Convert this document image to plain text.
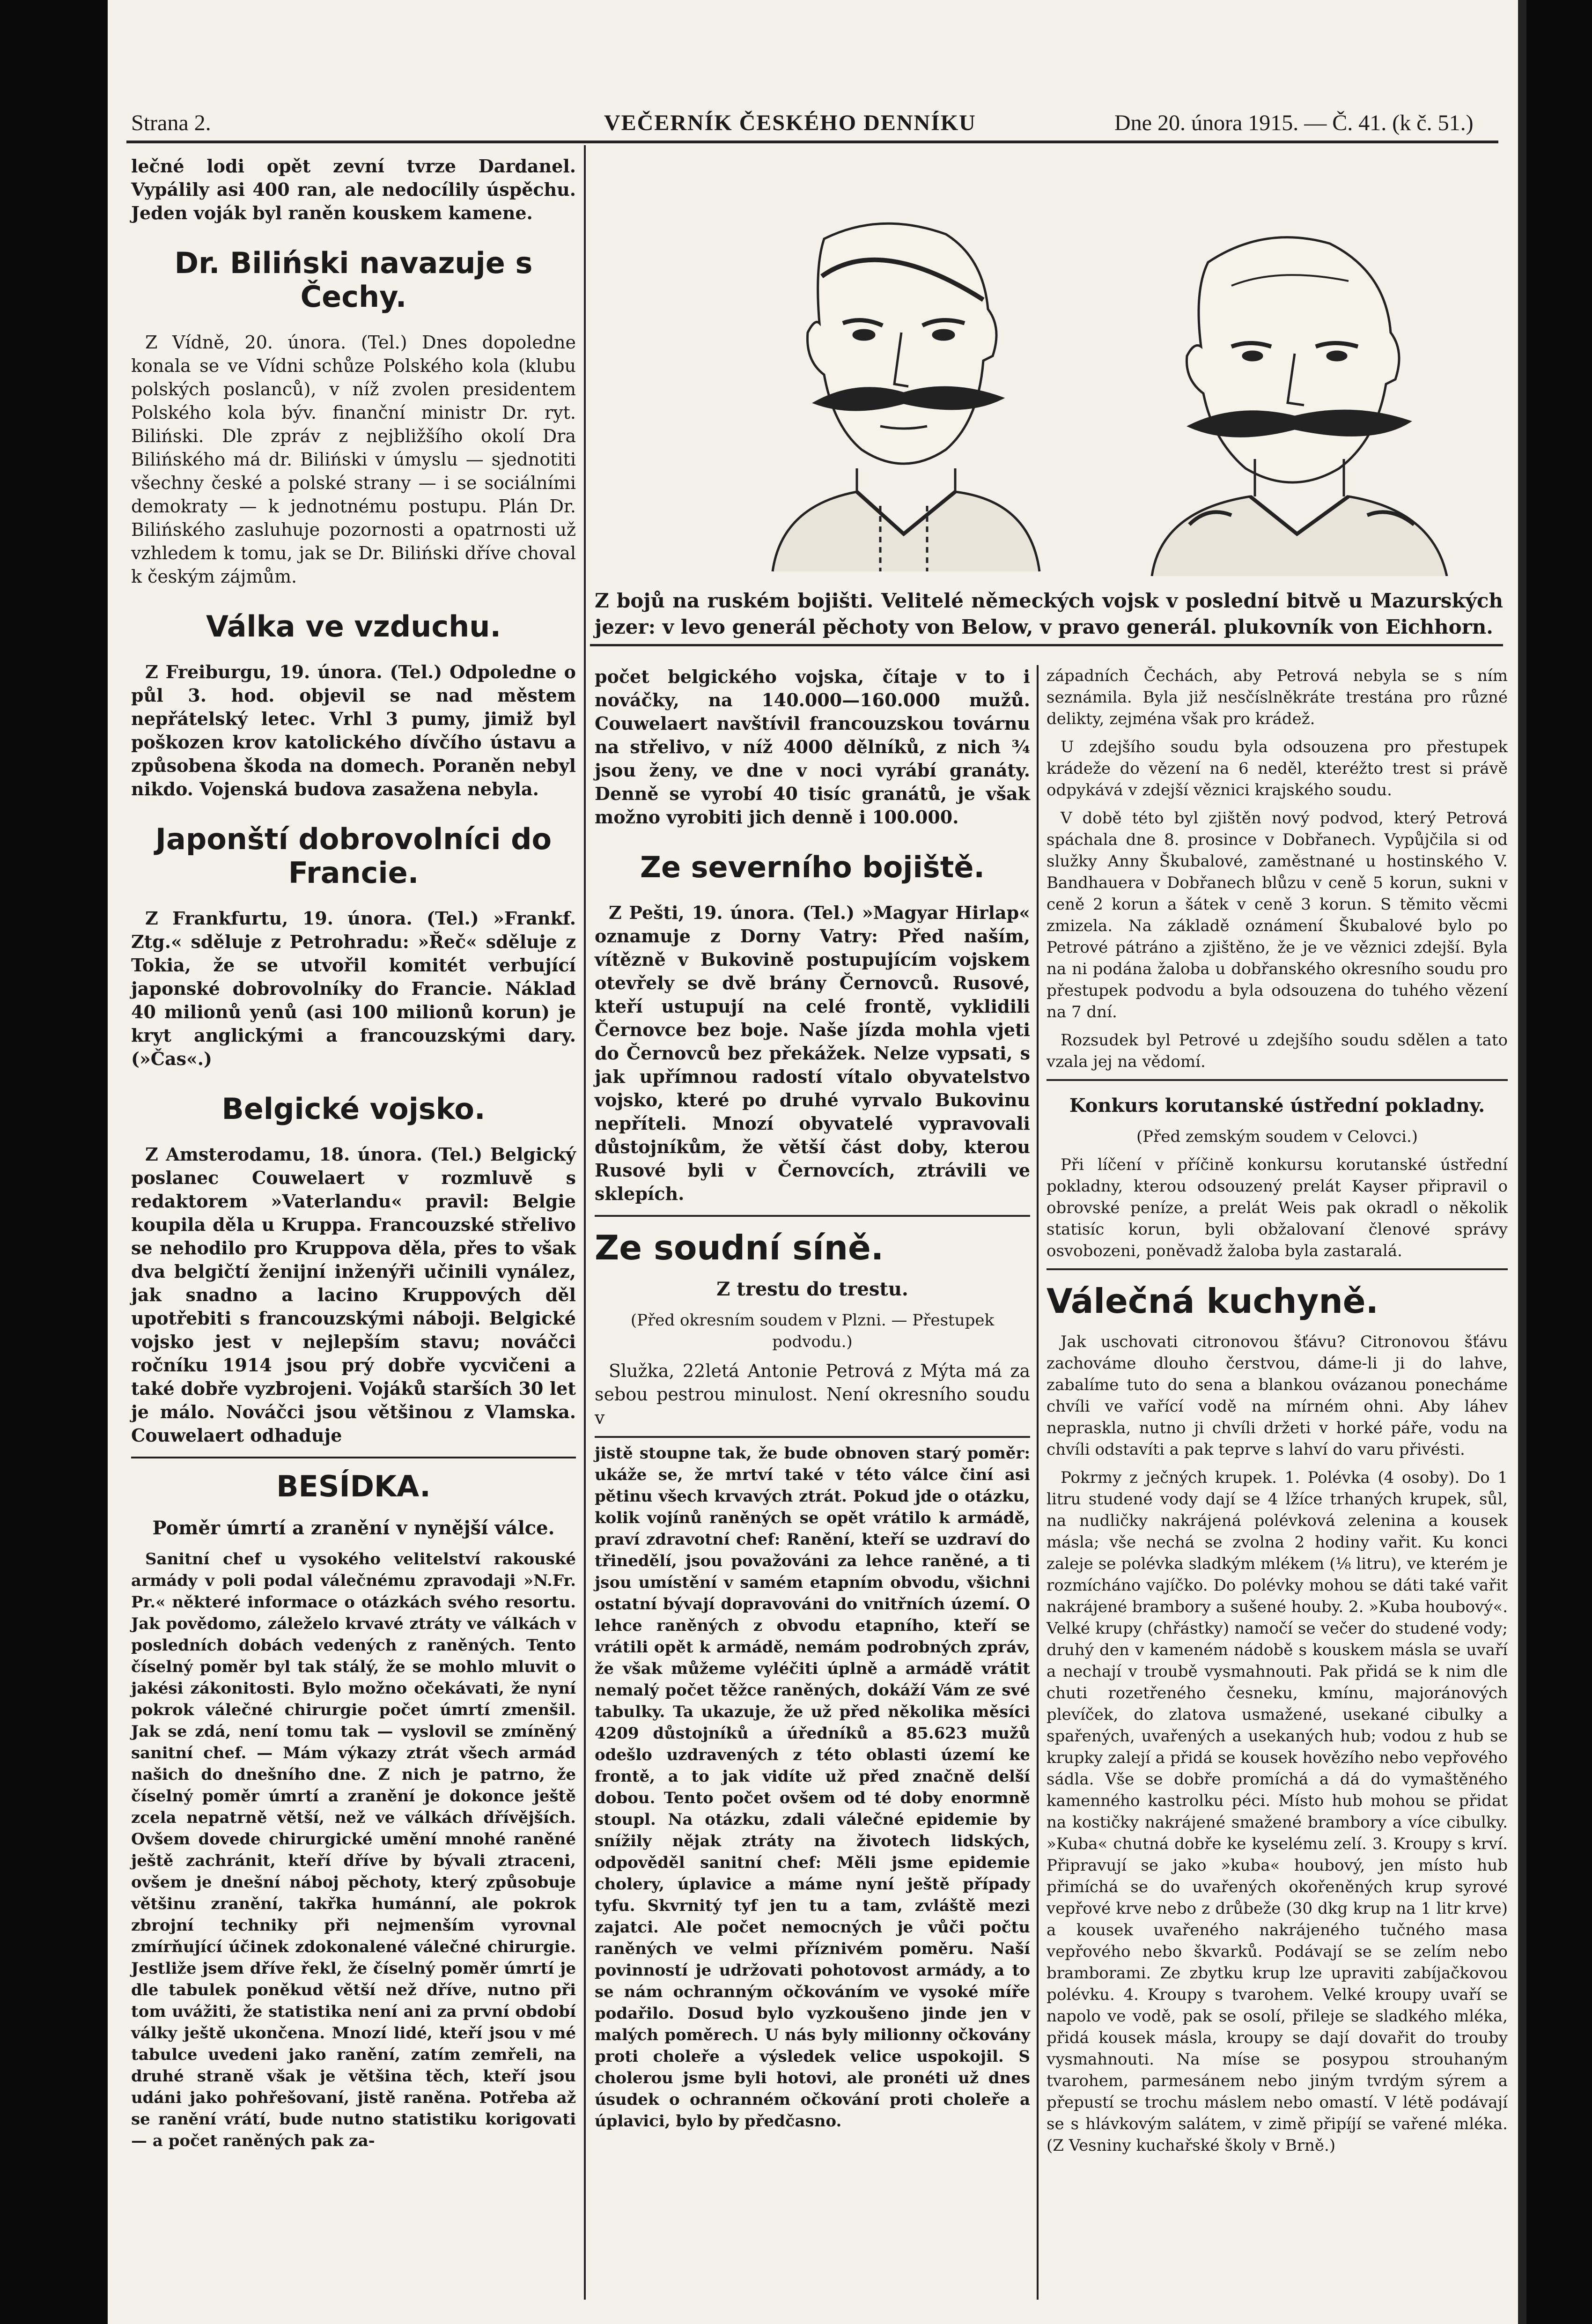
Strana 2.	VEČERNÍK ČESKÉHO DENNÍKU	Dne 20. února 1915. — Č. 41. (k č. 51.)
Z bojů na ruském bojišti. Velitelé německých vojsk v poslední bitvě u Mazurských jezer: v levo generál pěchoty von Below, v pravo generál. plukovník von Eichhorn.

lečné lodi opět zevní tvrze Dardanel. Vypálily asi 400 ran, ale nedocílily úspěchu. Jeden voják byl raněn kouskem kamene.

Dr. Biliński navazuje s Čechy.

Z Vídně, 20. února. (Tel.) Dnes dopoledne konala se ve Vídni schůze Polského kola (klubu polských poslanců), v níž zvolen presidentem Polského kola býv. finanční ministr Dr. ryt. Biliński. Dle zpráv z nejbližšího okolí Dra Bilińského má dr. Biliński v úmyslu — sjednotiti všechny české a polské strany — i se sociálními demokraty — k jednotnému postupu. Plán Dr. Bilińského zasluhuje pozornosti a opatrnosti už vzhledem k tomu, jak se Dr. Biliński dříve choval k českým zájmům.

Válka ve vzduchu.

Z Freiburgu, 19. února. (Tel.) Odpoledne o půl 3. hod. objevil se nad městem nepřátelský letec. Vrhl 3 pumy, jimiž byl poškozen krov katolického dívčího ústavu a způsobena škoda na domech. Poraněn nebyl nikdo. Vojenská budova zasažena nebyla.

Japonští dobrovolníci do Francie.

Z Frankfurtu, 19. února. (Tel.) »Frankf. Ztg.« sděluje z Petrohradu: »Řeč« sděluje z Tokia, že se utvořil komitét verbující japonské dobrovolníky do Francie. Náklad 40 milionů yenů (asi 100 milionů korun) je kryt anglickými a francouzskými dary. (»Čas«.)

Belgické vojsko.

Z Amsterodamu, 18. února. (Tel.) Belgický poslanec Couwelaert v rozmluvě s redaktorem »Vaterlandu« pravil: Belgie koupila děla u Kruppa. Francouzské střelivo se nehodilo pro Kruppova děla, přes to však dva belgičtí ženijní inženýři učinili vynález, jak snadno a lacino Kruppových děl upotřebiti s francouzskými náboji. Belgické vojsko jest v nejlepším stavu; nováčci ročníku 1914 jsou prý dobře vycvičeni a také dobře vyzbrojeni. Vojáků starších 30 let je málo. Nováčci jsou většinou z Vlamska. Couwelaert odhaduje

BESÍDKA.
Poměr úmrtí a zranění v nynější válce.

Sanitní chef u vysokého velitelství rakouské armády v poli podal válečnému zpravodaji »N.Fr. Pr.« některé informace o otázkách svého resortu. Jak povědomo, záleželo krvavé ztráty ve válkách v posledních dobách vedených z raněných. Tento číselný poměr byl tak stálý, že se mohlo mluvit o jakési zákonitosti. Bylo možno očekávati, že nyní pokrok válečné chirurgie počet úmrtí zmenšil. Jak se zdá, není tomu tak — vyslovil se zmíněný sanitní chef. — Mám výkazy ztrát všech armád našich do dnešního dne. Z nich je patrno, že číselný poměr úmrtí a zranění je dokonce ještě zcela nepatrně větší, než ve válkách dřívějších. Ovšem dovede chirurgické umění mnohé raněné ještě zachránit, kteří dříve by bývali ztraceni, ovšem je dnešní náboj pěchoty, který způsobuje většinu zranění, takřka humánní, ale pokrok zbrojní techniky při nejmenším vyrovnal zmírňující účinek zdokonalené válečné chirurgie. Jestliže jsem dříve řekl, že číselný poměr úmrtí je dle tabulek poněkud větší než dříve, nutno při tom uvážiti, že statistika není ani za první období války ještě ukončena. Mnozí lidé, kteří jsou v mé tabulce uvedeni jako ranění, zatím zemřeli, na druhé straně však je většina těch, kteří jsou udáni jako pohřešovaní, jistě raněna. Potřeba až se ranění vrátí, bude nutno statistiku korigovati — a počet raněných pak za-

počet belgického vojska, čítaje v to i nováčky, na 140.000—160.000 mužů. Couwelaert navštívil francouzskou továrnu na střelivo, v níž 4000 dělníků, z nich ¾ jsou ženy, ve dne v noci vyrábí granáty. Denně se vyrobí 40 tisíc granátů, je však možno vyrobiti jich denně i 100.000.

Ze severního bojiště.

Z Pešti, 19. února. (Tel.) »Magyar Hirlap« oznamuje z Dorny Vatry: Před naším, vítězně v Bukovině postupujícím vojskem otevřely se dvě brány Černovců. Rusové, kteří ustupují na celé frontě, vyklidili Černovce bez boje. Naše jízda mohla vjeti do Černovců bez překážek. Nelze vypsati, s jak upřímnou radostí vítalo obyvatelstvo vojsko, které po druhé vyrvalo Bukovinu nepříteli. Mnozí obyvatelé vypravovali důstojníkům, že větší část doby, kterou Rusové byli v Černovcích, ztrávili ve sklepích.

Ze soudní síně.
Z trestu do trestu.

(Před okresním soudem v Plzni. — Přestupek podvodu.)

Služka, 22letá Antonie Petrová z Mýta má za sebou pestrou minulost. Není okresního soudu v

jistě stoupne tak, že bude obnoven starý poměr: ukáže se, že mrtví také v této válce činí asi pětinu všech krvavých ztrát. Pokud jde o otázku, kolik vojínů raněných se opět vrátilo k armádě, praví zdravotní chef: Ranění, kteří se uzdraví do třinedělí, jsou považováni za lehce raněné, a ti jsou umístění v samém etapním obvodu, všichni ostatní bývají dopravováni do vnitřních území. O lehce raněných z obvodu etapního, kteří se vrátili opět k armádě, nemám podrobných zpráv, že však můžeme vyléčiti úplně a armádě vrátit nemalý počet těžce raněných, dokáží Vám ze své tabulky. Ta ukazuje, že už před několika měsíci 4209 důstojníků a úředníků a 85.623 mužů odešlo uzdravených z této oblasti území ke frontě, a to jak vidíte už před značně delší dobou. Tento počet ovšem od té doby enormně stoupl. Na otázku, zdali válečné epidemie by snížily nějak ztráty na životech lidských, odpověděl sanitní chef: Měli jsme epidemie cholery, úplavice a máme nyní ještě případy tyfu. Skvrnitý tyf jen tu a tam, zvláště mezi zajatci. Ale počet nemocných je vůči počtu raněných ve velmi příznivém poměru. Naší povinností je udržovati pohotovost armády, a to se nám ochranným očkováním ve vysoké míře podařilo. Dosud bylo vyzkoušeno jinde jen v malých poměrech. U nás byly milionny očkovány proti choleře a výsledek velice uspokojil. S cholerou jsme byli hotovi, ale pronéti už dnes úsudek o ochranném očkování proti choleře a úplavici, bylo by předčasno.

západních Čechách, aby Petrová nebyla se s ním seznámila. Byla již nesčíslněkráte trestána pro různé delikty, zejména však pro krádež.

U zdejšího soudu byla odsouzena pro přestupek krádeže do vězení na 6 neděl, kteréžto trest si právě odpykává v zdejší věznici krajského soudu.

V době této byl zjištěn nový podvod, který Petrová spáchala dne 8. prosince v Dobřanech. Vypůjčila si od služky Anny Škubalové, zaměstnané u hostinského V. Bandhauera v Dobřanech blůzu v ceně 5 korun, sukni v ceně 2 korun a šátek v ceně 3 korun. S těmito věcmi zmizela. Na základě oznámení Škubalové bylo po Petrové pátráno a zjištěno, že je ve věznici zdejší. Byla na ni podána žaloba u dobřanského okresního soudu pro přestupek podvodu a byla odsouzena do tuhého vězení na 7 dní.

Rozsudek byl Petrové u zdejšího soudu sdělen a tato vzala jej na vědomí.

Konkurs korutanské ústřední pokladny.

(Před zemským soudem v Celovci.)

Při líčení v příčině konkursu korutanské ústřední pokladny, kterou odsouzený prelát Kayser připravil o obrovské peníze, a prelát Weis pak okradl o několik statisíc korun, byli obžalovaní členové správy osvobozeni, poněvadž žaloba byla zastaralá.

Válečná kuchyně.

Jak uschovati citronovou šťávu? Citronovou šťávu zachováme dlouho čerstvou, dáme-li ji do lahve, zabalíme tuto do sena a blankou ovázanou ponecháme chvíli ve vařící vodě na mírném ohni. Aby láhev nepraskla, nutno ji chvíli držeti v horké páře, vodu na chvíli odstavíti a pak teprve s lahví do varu přivésti.

Pokrmy z ječných krupek. 1. Polévka (4 osoby). Do 1 litru studené vody dají se 4 lžíce trhaných krupek, sůl, na nudličky nakrájená polévková zelenina a kousek másla; vše nechá se zvolna 2 hodiny vařit. Ku konci zaleje se polévka sladkým mlékem (⅛ litru), ve kterém je rozmícháno vajíčko. Do polévky mohou se dáti také vařit nakrájené brambory a sušené houby. 2. »Kuba houbový«. Velké krupy (chřástky) namočí se večer do studené vody; druhý den v kameném nádobě s kouskem másla se uvaří a nechají v troubě vysmahnouti. Pak přidá se k nim dle chuti rozetřeného česneku, kmínu, majoránových plevíček, do zlatova usmažené, usekané cibulky a spařených, uvařených a usekaných hub; vodou z hub se krupky zalejí a přidá se kousek hovězího nebo vepřového sádla. Vše se dobře promíchá a dá do vymaštěného kamenného kastrolku péci. Místo hub mohou se přidat na kostičky nakrájené smažené brambory a více cibulky. »Kuba« chutná dobře ke kyselému zelí. 3. Kroupy s krví. Připravují se jako »kuba« houbový, jen místo hub přimíchá se do uvařených okořeněných krup syrové vepřové krve nebo z drůbeže (30 dkg krup na 1 litr krve) a kousek uvařeného nakrájeného tučného masa vepřového nebo škvarků. Podávají se se zelím nebo bramborami. Ze zbytku krup lze upraviti zabíjačkovou polévku. 4. Kroupy s tvarohem. Velké kroupy uvaří se napolo ve vodě, pak se osolí, přileje se sladkého mléka, přidá kousek másla, kroupy se dají dovařit do trouby vysmahnouti. Na míse se posypou strouhaným tvarohem, parmesánem nebo jiným tvrdým sýrem a přepustí se trochu máslem nebo omastí. V létě podávají se s hlávkovým salátem, v zimě připíjí se vařené mléka. (Z Vesniny kuchařské školy v Brně.)
